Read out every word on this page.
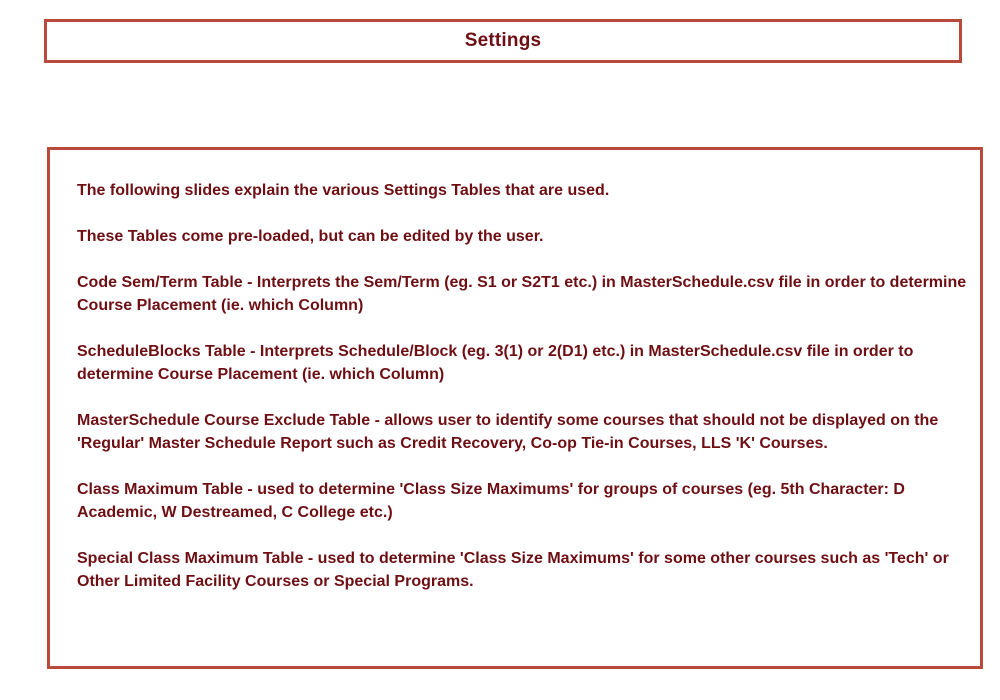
Settings

The following slides explain the various Settings Tables that are used.

These Tables come pre-loaded, but can be edited by the user.

Code Sem/Term Table - Interprets the Sem/Term (eg. S1 or S2T1 etc.) in MasterSchedule.csv file in order to determine Course Placement (ie. which Column)

ScheduleBlocks Table - Interprets Schedule/Block (eg. 3(1) or 2(D1) etc.) in MasterSchedule.csv file in order to determine Course Placement (ie. which Column)

MasterSchedule Course Exclude Table - allows user to identify some courses that should not be displayed on the 'Regular' Master Schedule Report such as Credit Recovery, Co-op Tie-in Courses, LLS 'K' Courses.

Class Maximum Table - used to determine 'Class Size Maximums' for groups of courses (eg. 5th Character: D Academic, W Destreamed, C College etc.)

Special Class Maximum Table - used to determine 'Class Size Maximums' for some other courses such as 'Tech' or Other Limited Facility Courses or Special Programs.
